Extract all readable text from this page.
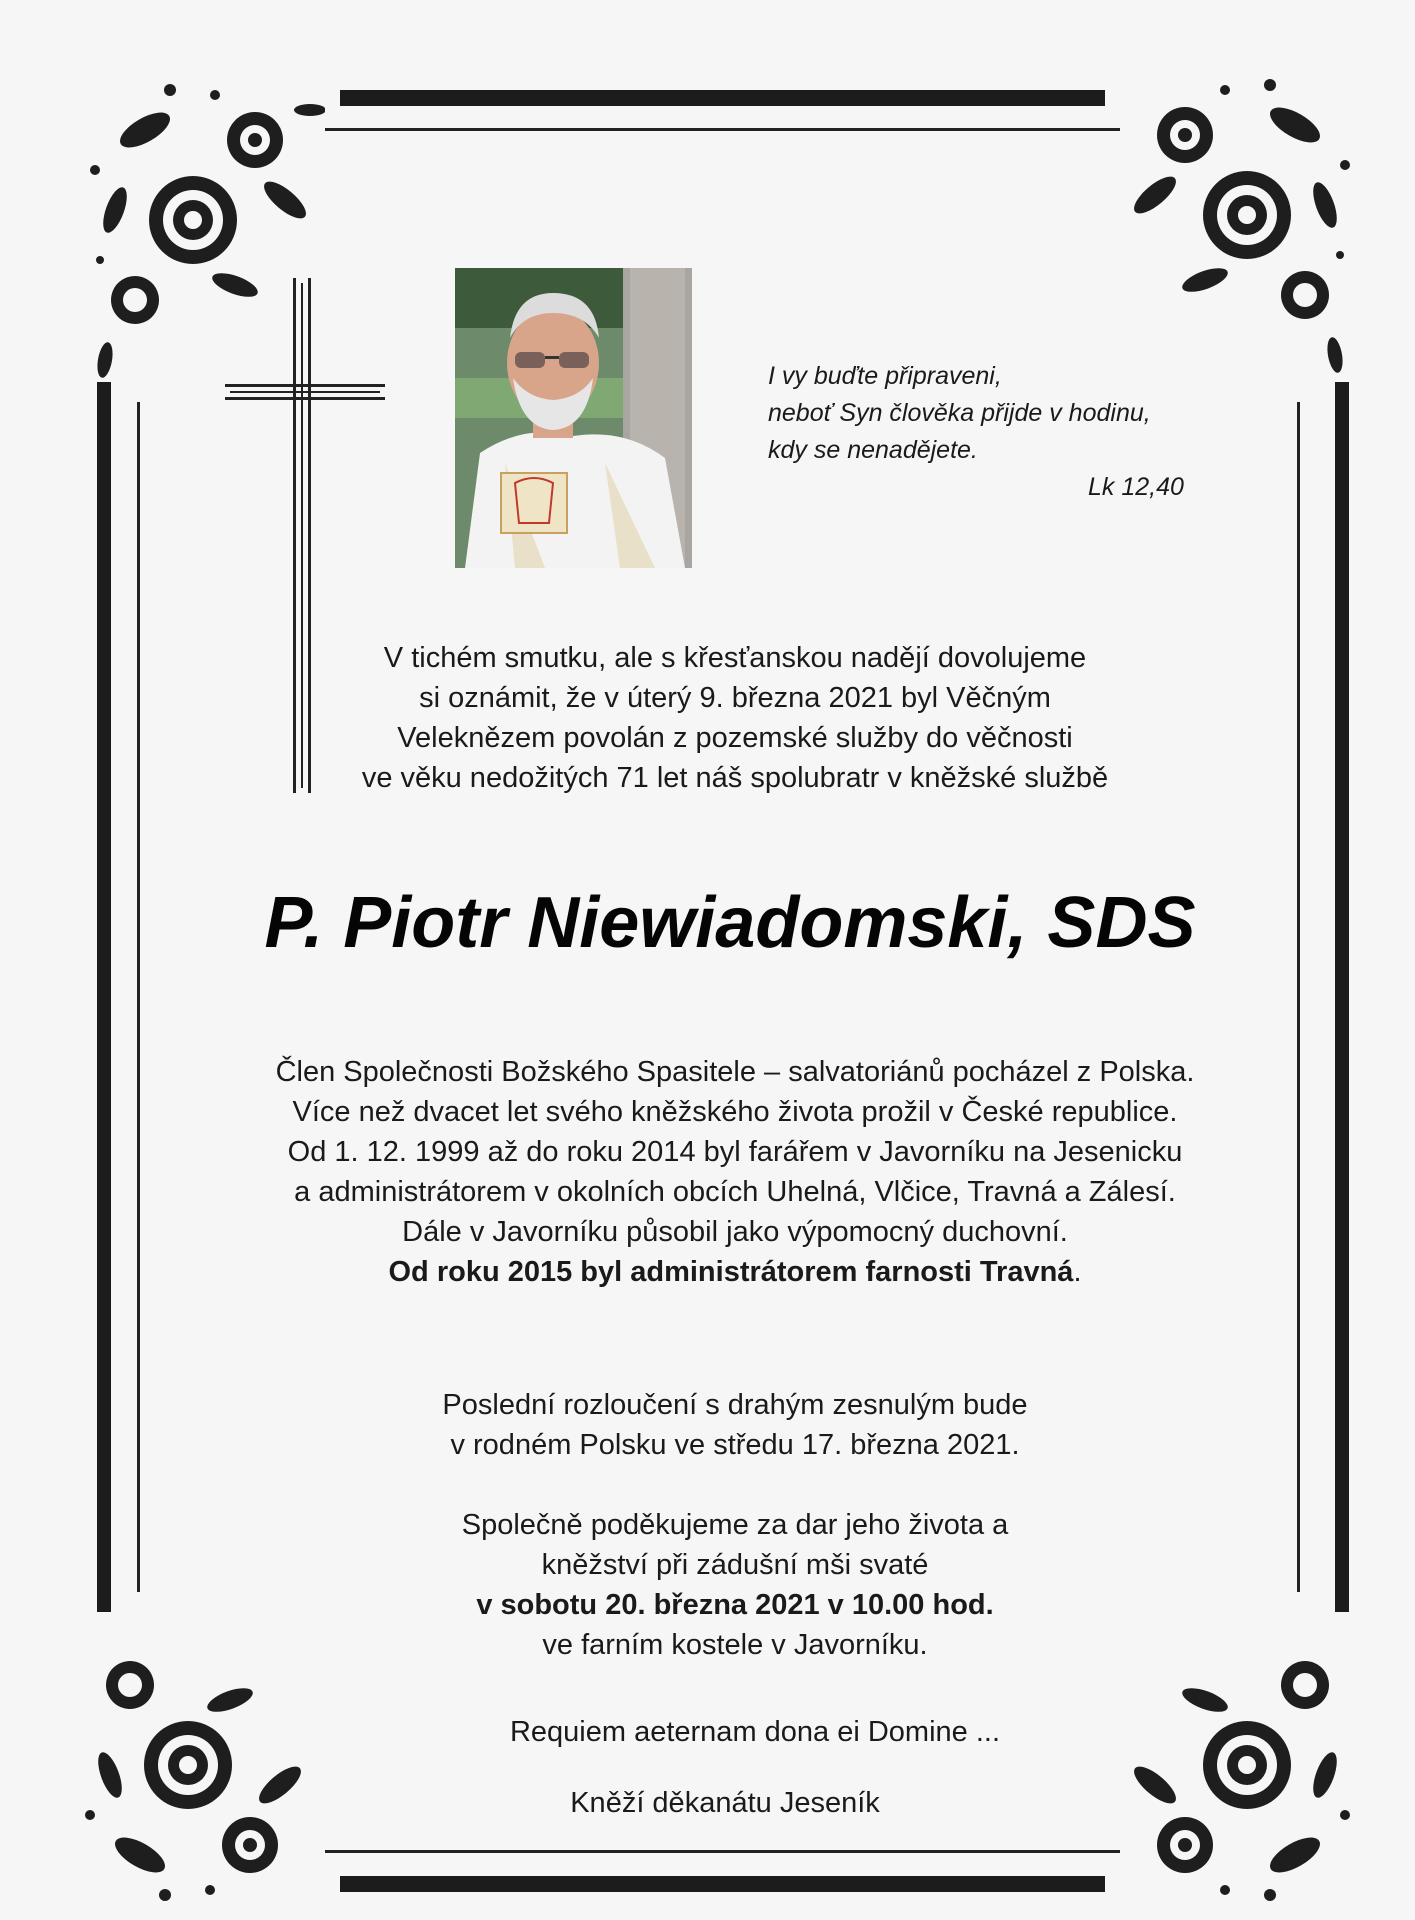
I vy buďte připraveni,
neboť Syn člověka přijde v hodinu,
kdy se nenadějete.
Lk 12,40
V tichém smutku, ale s křesťanskou nadějí dovolujeme
si oznámit, že v úterý 9. března 2021 byl Věčným
Veleknězem povolán z pozemské služby do věčnosti
ve věku nedožitých 71 let náš spolubratr v kněžské službě
P. Piotr Niewiadomski, SDS
Člen Společnosti Božského Spasitele – salvatoriánů pocházel z Polska.
Více než dvacet let svého kněžského života prožil v České republice.
Od 1. 12. 1999 až do roku 2014 byl farářem v Javorníku na Jesenicku
a administrátorem v okolních obcích Uhelná, Vlčice, Travná a Zálesí.
Dále v Javorníku působil jako výpomocný duchovní.
Od roku 2015 byl administrátorem farnosti Travná.
Poslední rozloučení s drahým zesnulým bude
v rodném Polsku ve středu 17. března 2021.
Společně poděkujeme za dar jeho života a
kněžství při zádušní mši svaté
v sobotu 20. března 2021 v 10.00 hod.
ve farním kostele v Javorníku.
Requiem aeternam dona ei Domine ...
Kněží děkanátu Jeseník
